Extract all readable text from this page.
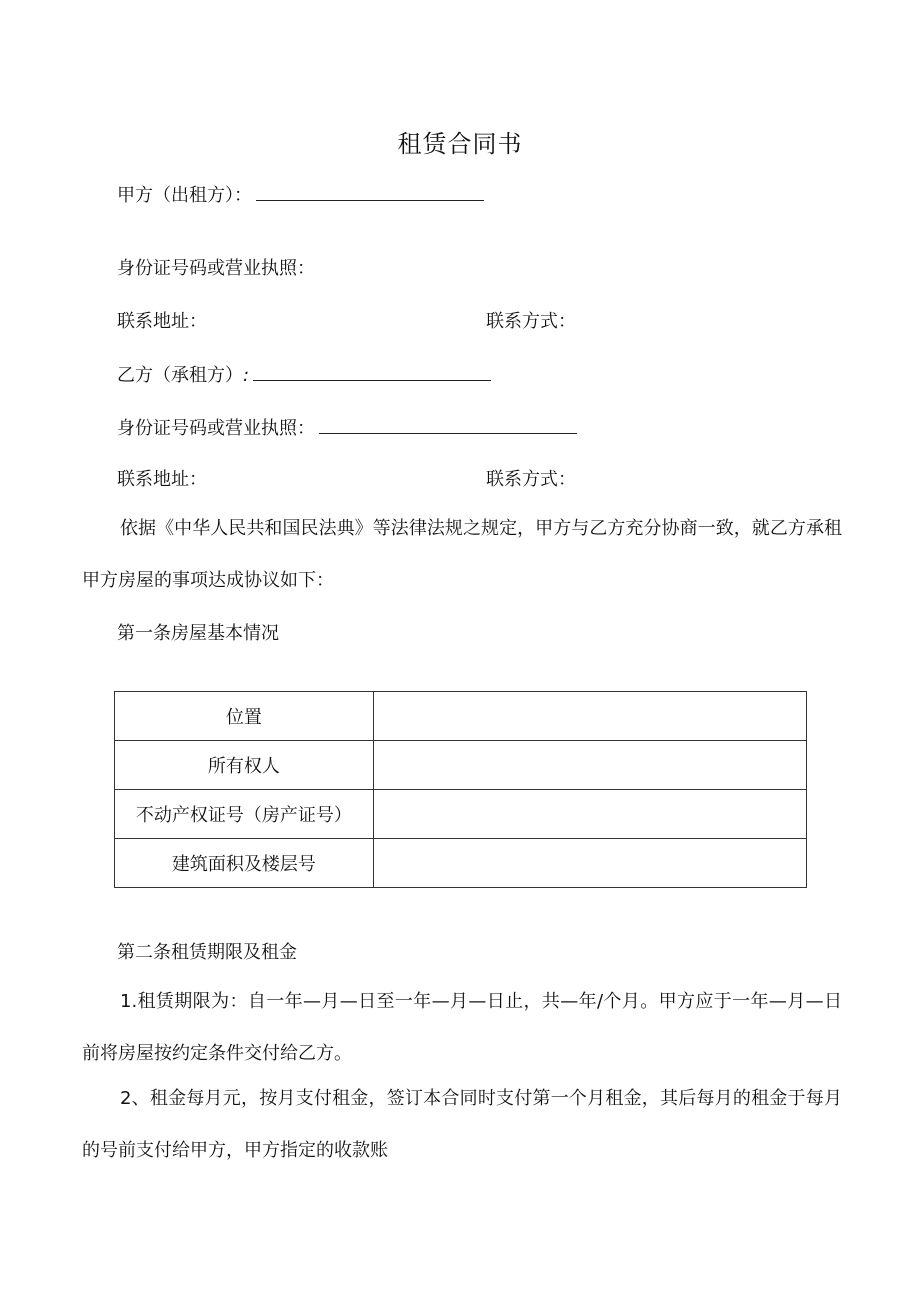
租赁合同书
甲方（出租方）：
身份证号码或营业执照：
联系地址：	联系方式：
乙方（承租方）:
身份证号码或营业执照：
联系地址：	联系方式：
依据《中华人民共和国民法典》等法律法规之规定，甲方与乙方充分协商一致，就乙方承租甲方房屋的事项达成协议如下：
第一条房屋基本情况
位置	
所有权人	
不动产权证号（房产证号）	
建筑面积及楼层号	
第二条租赁期限及租金
1.租赁期限为：自一年—月—日至一年—月—日止，共—年/个月。甲方应于一年—月—日前将房屋按约定条件交付给乙方。
2、租金每月元，按月支付租金，签订本合同时支付第一个月租金，其后每月的租金于每月的号前支付给甲方，甲方指定的收款账
